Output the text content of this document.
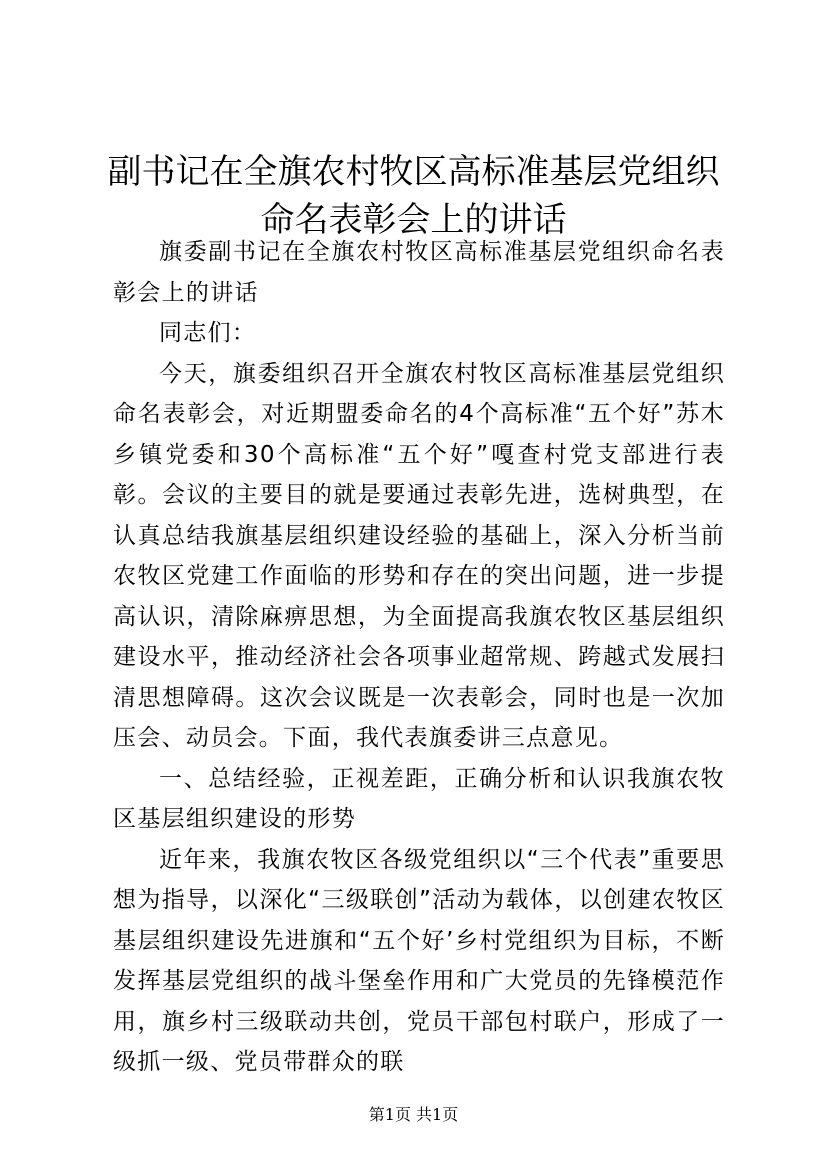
副书记在全旗农村牧区高标准基层党组织命名表彰会上的讲话

旗委副书记在全旗农村牧区高标准基层党组织命名表彰会上的讲话

同志们：

今天，旗委组织召开全旗农村牧区高标准基层党组织命名表彰会，对近期盟委命名的4个高标准“五个好”苏木乡镇党委和30个高标准“五个好”嘎查村党支部进行表彰。会议的主要目的就是要通过表彰先进，选树典型，在认真总结我旗基层组织建设经验的基础上，深入分析当前农牧区党建工作面临的形势和存在的突出问题，进一步提高认识，清除麻痹思想，为全面提高我旗农牧区基层组织建设水平，推动经济社会各项事业超常规、跨越式发展扫清思想障碍。这次会议既是一次表彰会，同时也是一次加压会、动员会。下面，我代表旗委讲三点意见。

一、总结经验，正视差距，正确分析和认识我旗农牧区基层组织建设的形势

近年来，我旗农牧区各级党组织以“三个代表”重要思想为指导，以深化“三级联创”活动为载体，以创建农牧区基层组织建设先进旗和“五个好’乡村党组织为目标，不断发挥基层党组织的战斗堡垒作用和广大党员的先锋模范作用，旗乡村三级联动共创，党员干部包村联户，形成了一级抓一级、党员带群众的联

第1页 共1页
